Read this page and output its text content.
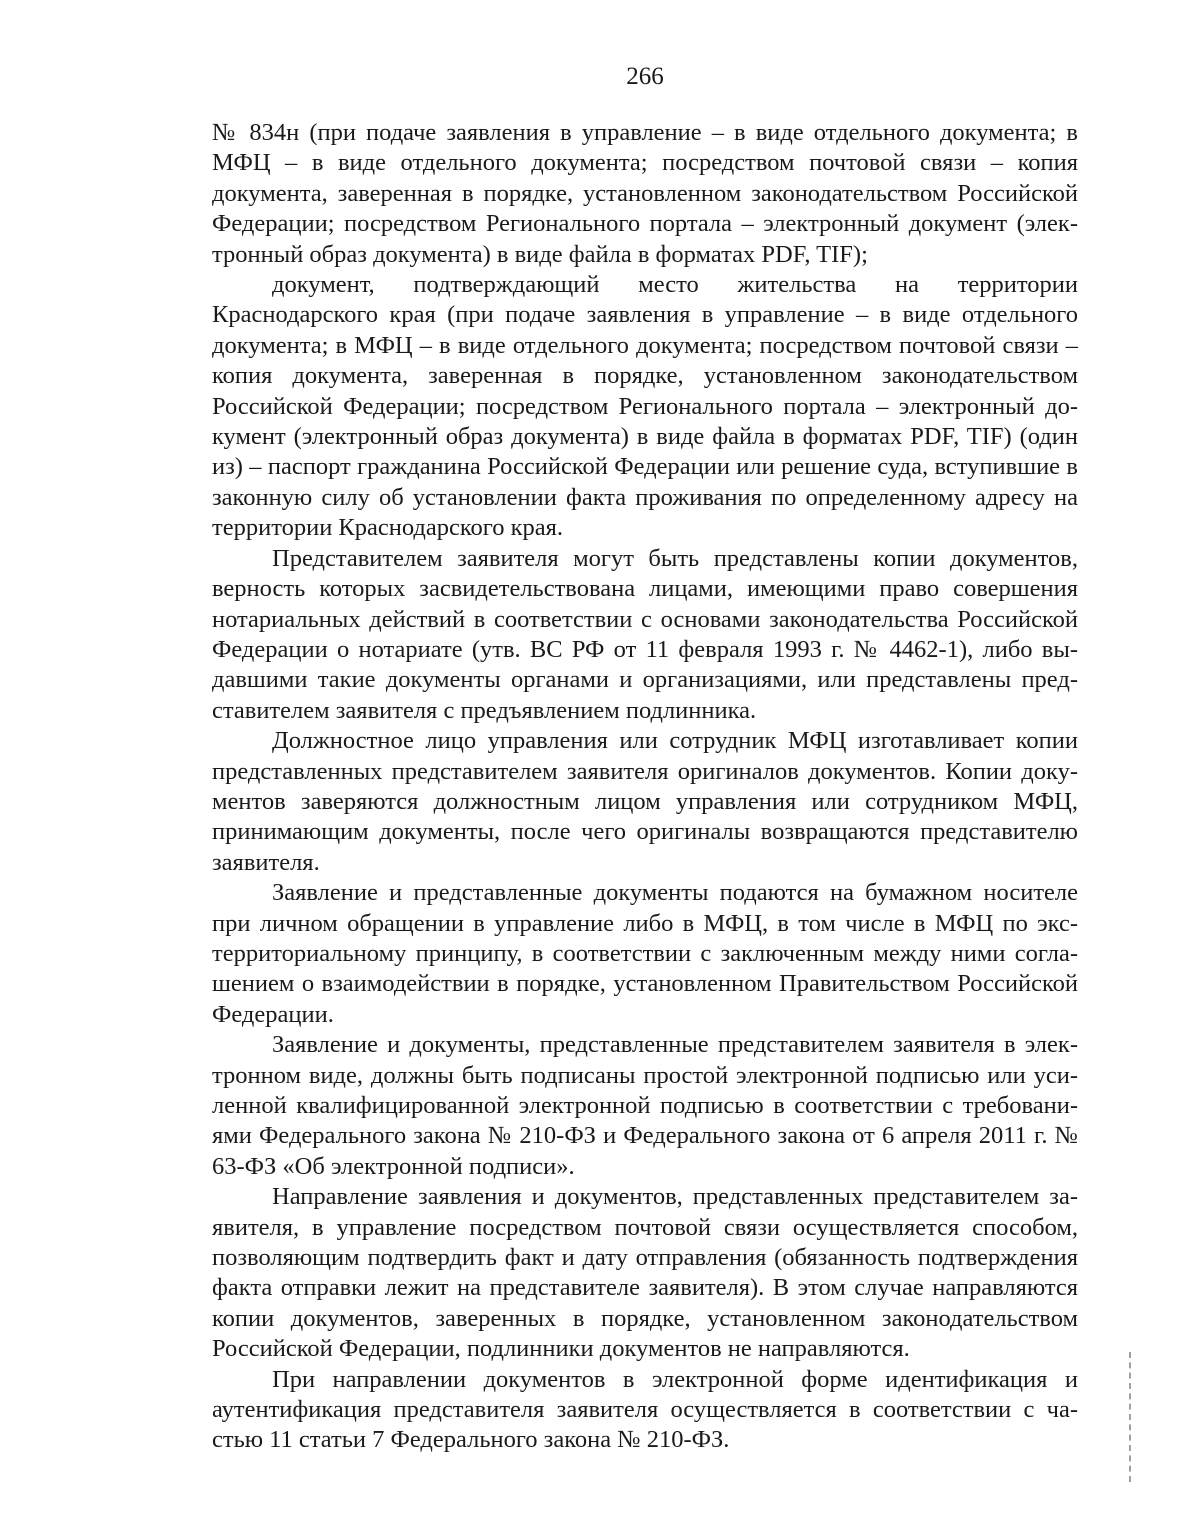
266

№ 834н (при подаче заявления в управление – в виде отдельного документа; в МФЦ – в виде отдельного документа; посредством почтовой связи – копия документа, заверенная в порядке, установленном законодательством Российской Федерации; посредством Регионального портала – электронный документ (электронный образ документа) в виде файла в форматах PDF, TIF);

документ, подтверждающий место жительства на территории Краснодарского края (при подаче заявления в управление – в виде отдельного документа; в МФЦ – в виде отдельного документа; посредством почтовой связи – копия документа, заверенная в порядке, установленном законодательством Российской Федерации; посредством Регионального портала – электронный документ (электронный образ документа) в виде файла в форматах PDF, TIF) (один из) – паспорт гражданина Российской Федерации или решение суда, вступившие в законную силу об установлении факта проживания по определенному адресу на территории Краснодарского края.

Представителем заявителя могут быть представлены копии документов, верность которых засвидетельствована лицами, имеющими право совершения нотариальных действий в соответствии с основами законодательства Российской Федерации о нотариате (утв. ВС РФ от 11 февраля 1993 г. № 4462-1), либо выдавшими такие документы органами и организациями, или представлены представителем заявителя с предъявлением подлинника.

Должностное лицо управления или сотрудник МФЦ изготавливает копии представленных представителем заявителя оригиналов документов. Копии документов заверяются должностным лицом управления или сотрудником МФЦ, принимающим документы, после чего оригиналы возвращаются представителю заявителя.

Заявление и представленные документы подаются на бумажном носителе при личном обращении в управление либо в МФЦ, в том числе в МФЦ по экстерриториальному принципу, в соответствии с заключенным между ними соглашением о взаимодействии в порядке, установленном Правительством Российской Федерации.

Заявление и документы, представленные представителем заявителя в электронном виде, должны быть подписаны простой электронной подписью или усиленной квалифицированной электронной подписью в соответствии с требованиями Федерального закона № 210-ФЗ и Федерального закона от 6 апреля 2011 г. № 63-ФЗ «Об электронной подписи».

Направление заявления и документов, представленных представителем заявителя, в управление посредством почтовой связи осуществляется способом, позволяющим подтвердить факт и дату отправления (обязанность подтверждения факта отправки лежит на представителе заявителя). В этом случае направляются копии документов, заверенных в порядке, установленном законодательством Российской Федерации, подлинники документов не направляются.

При направлении документов в электронной форме идентификация и аутентификация представителя заявителя осуществляется в соответствии с частью 11 статьи 7 Федерального закона № 210-ФЗ.
